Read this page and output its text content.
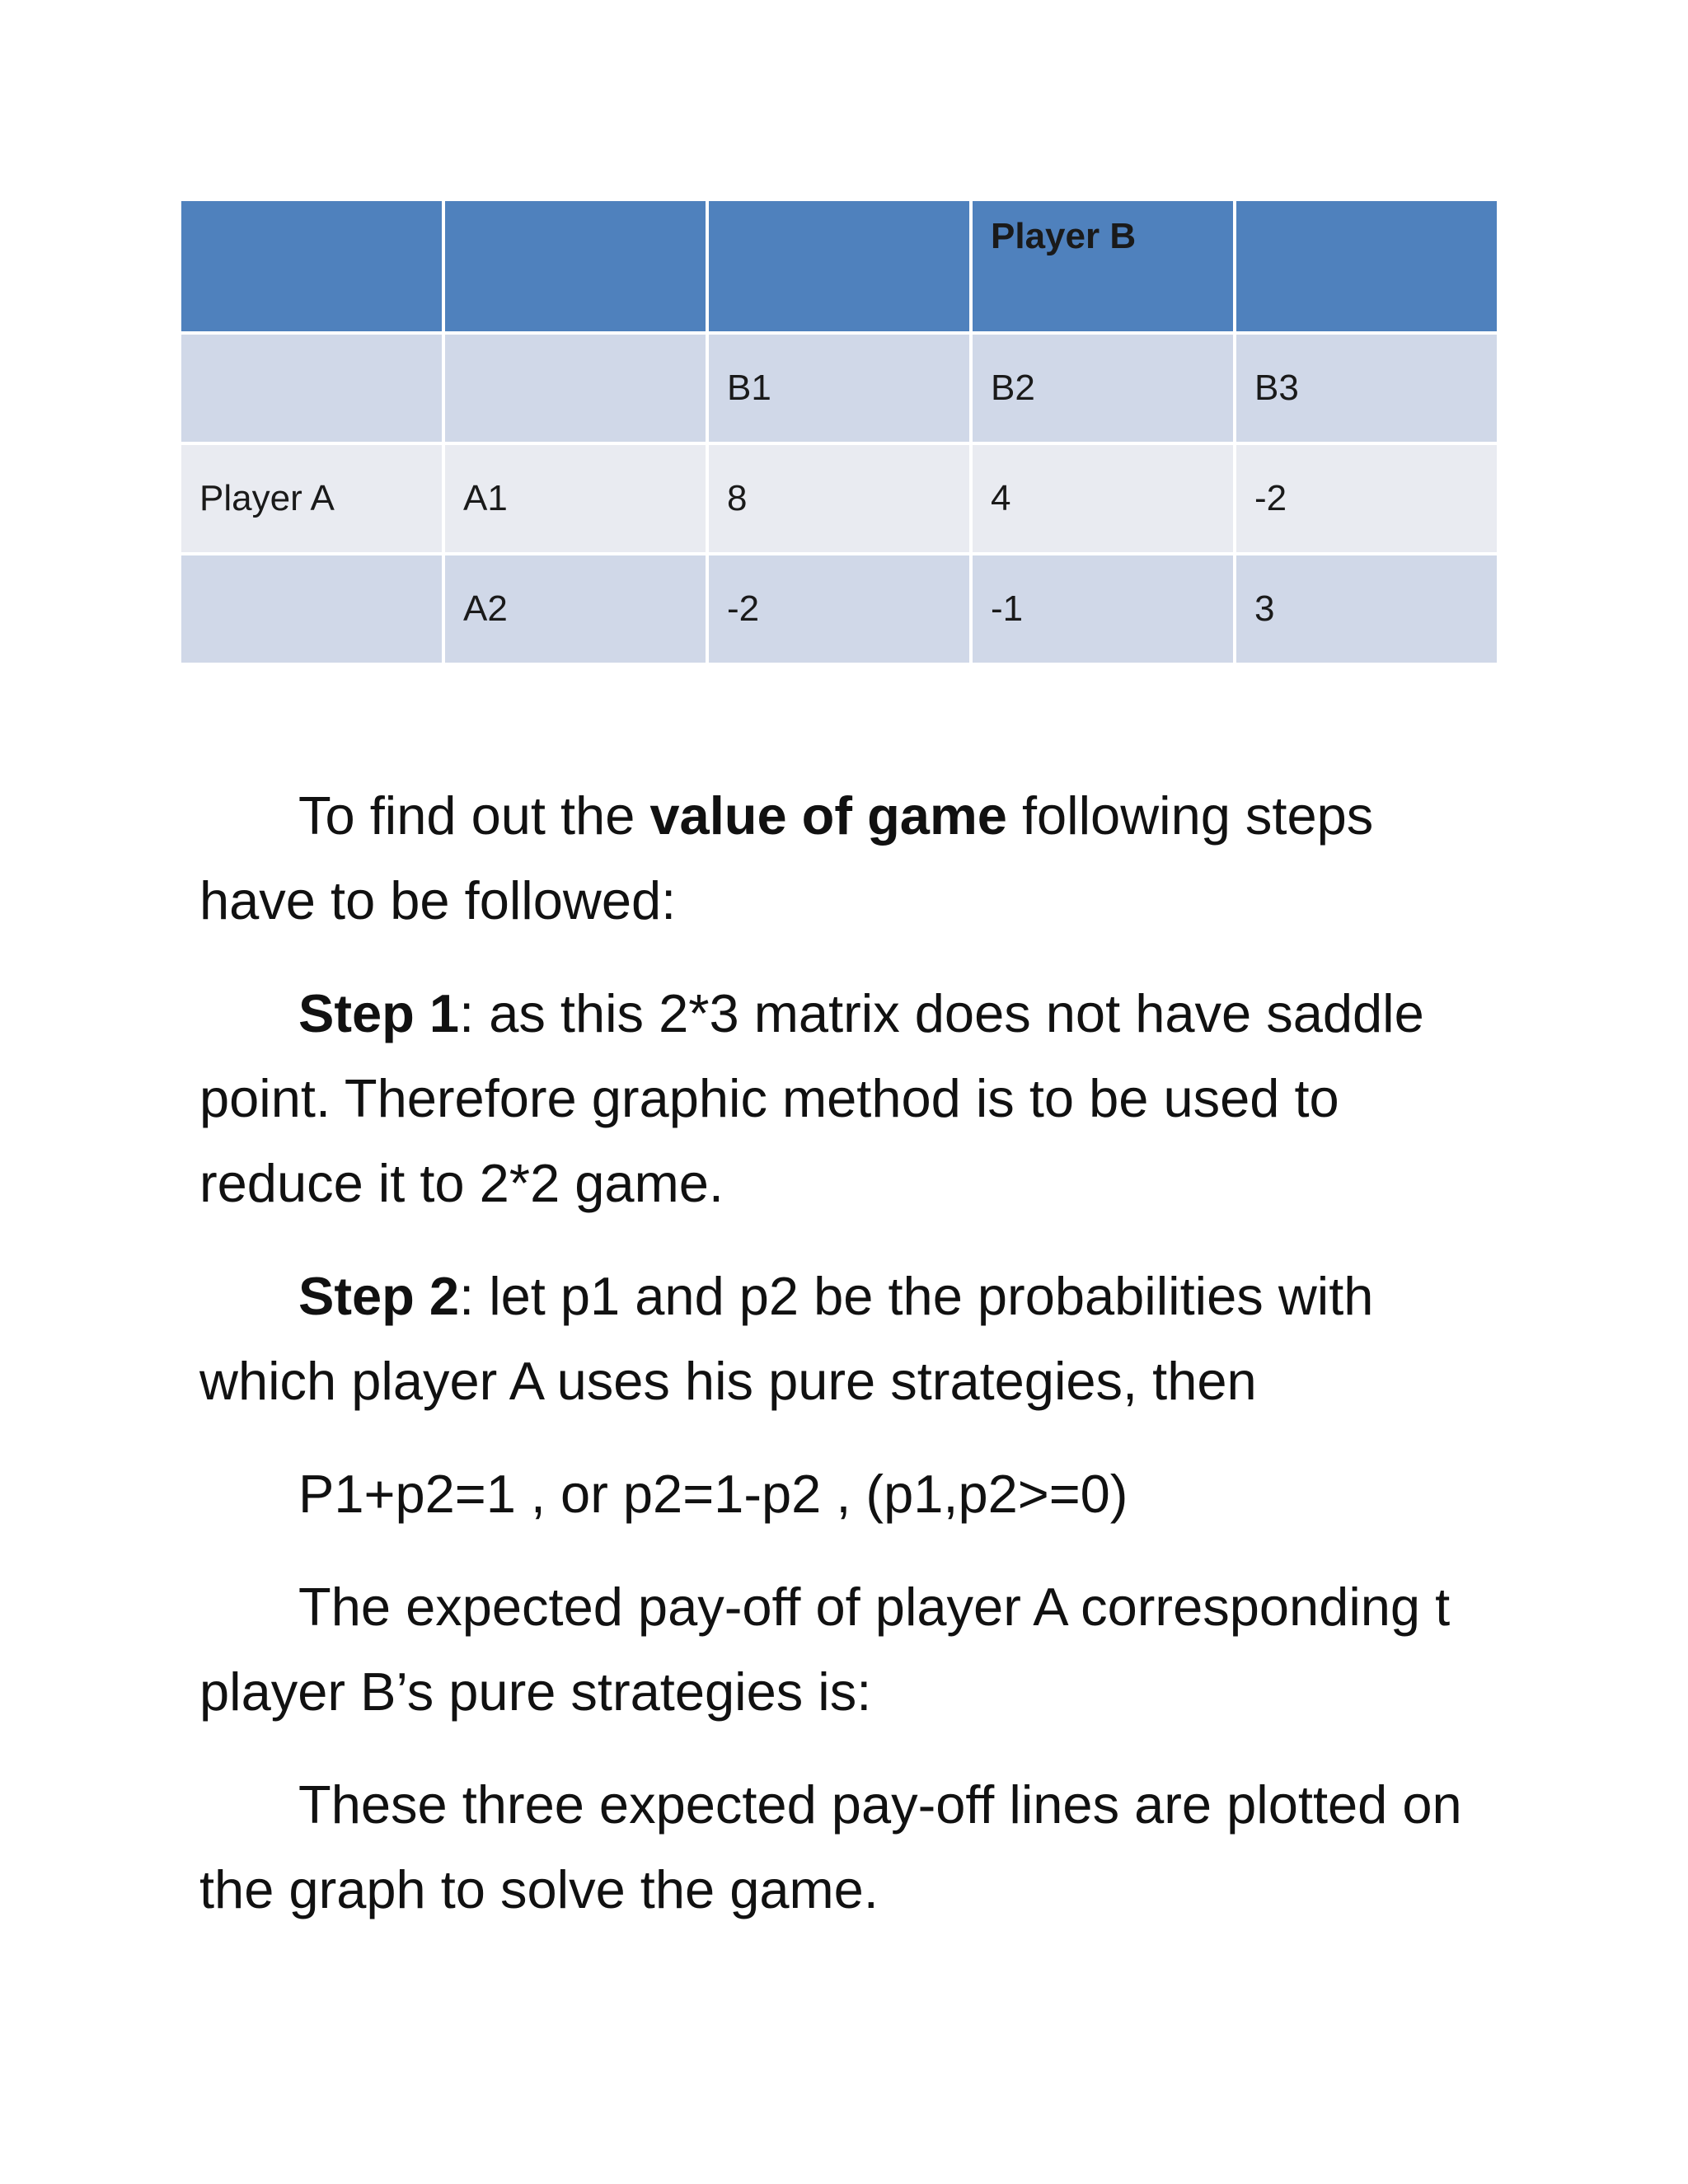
			Player B	
		B1	B2	B3
Player A	A1	8	4	-2
	A2	-2	-1	3

To find out the value of game following steps have to be followed:

Step 1: as this 2*3 matrix does not have saddle point. Therefore graphic method is to be used to reduce it to 2*2 game.

Step 2: let p1 and p2 be the probabilities with which player A uses his pure strategies, then

P1+p2=1 , or p2=1-p2 , (p1,p2>=0)

The expected pay-off of player A corresponding t player B’s pure strategies is:

These three expected pay-off lines are plotted on the graph to solve the game.
